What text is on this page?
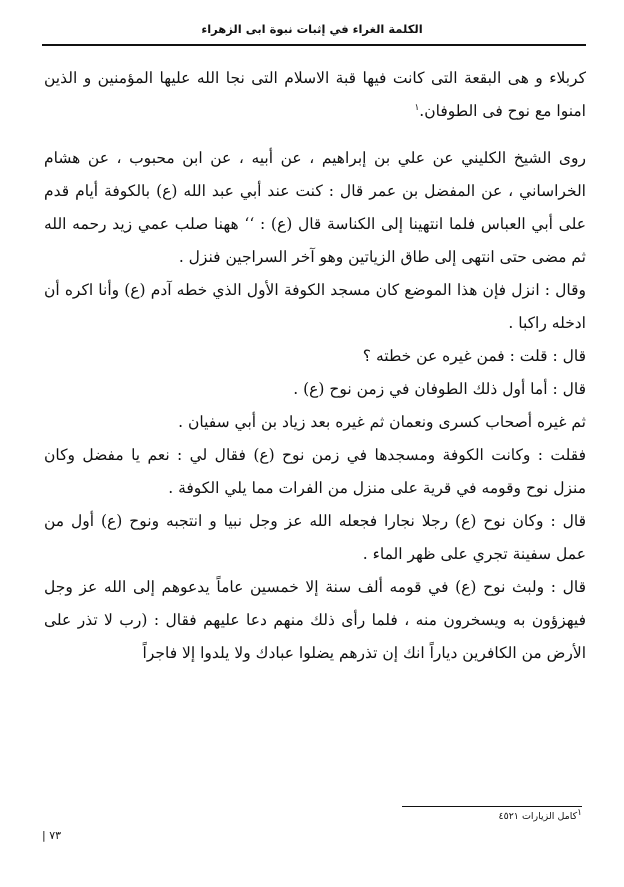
الكلمة الغراء في إثبات نبوة ابى الزهراء

كربلاء و هى البقعة التى كانت فيها قبة الاسلام التى نجا الله عليها المؤمنين و الذين امنوا مع نوح فى الطوفان.$^١$

روى الشيخ الكليني عن علي بن إبراهيم ، عن أبيه ، عن ابن محبوب ، عن هشام الخراساني ، عن المفضل بن عمر قال : كنت عند أبي عبد الله (ع) بالكوفة أيام قدم على أبي العباس فلما انتهينا إلى الكناسة قال (ع) : ‘‘ ههنا صلب عمي زيد رحمه الله ثم مضى حتى انتهى إلى طاق الزياتين وهو آخر السراجين فنزل .

وقال : انزل فإن هذا الموضع كان مسجد الكوفة الأول الذي خطه آدم (ع) وأنا اكره أن ادخله راكبا .

قال : قلت : فمن غيره عن خطته ؟

قال : أما أول ذلك الطوفان في زمن نوح (ع) .

ثم غيره أصحاب كسرى ونعمان ثم غيره بعد زياد بن أبي سفيان .

فقلت : وكانت الكوفة ومسجدها في زمن نوح (ع) فقال لي : نعم يا مفضل وكان منزل نوح وقومه في قرية على منزل من الفرات مما يلي الكوفة .

قال : وكان نوح (ع) رجلا نجارا فجعله الله عز وجل نبيا و انتجبه ونوح (ع) أول من عمل سفينة تجري على ظهر الماء .

قال : ولبث نوح (ع) في قومه ألف سنة إلا خمسين عاماً يدعوهم إلى الله عز وجل فيهزؤون به ويسخرون منه ، فلما رأى ذلك منهم دعا عليهم فقال : (رب لا تذر على الأرض من الكافرين دياراً انك إن تذرهم يضلوا عبادك ولا يلدوا إلا فاجراً

$^١$كامل الزيارات ٤٥٢١
٧٣ |
